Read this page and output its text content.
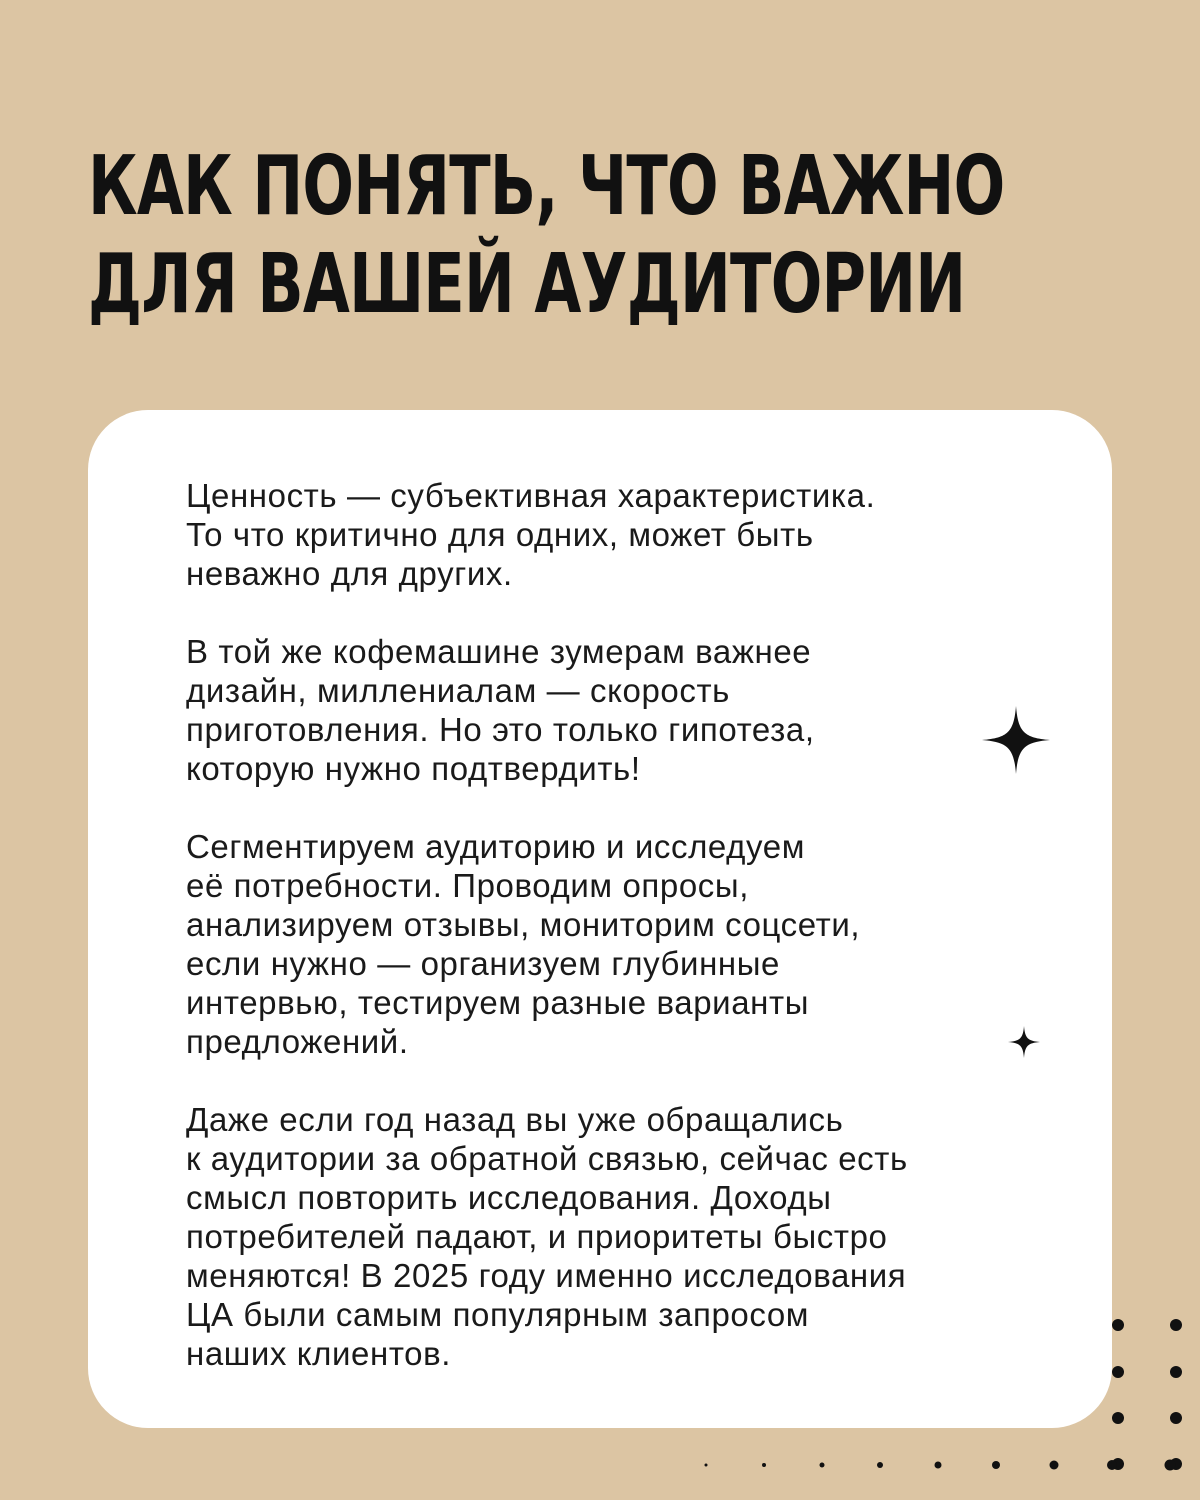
КАК ПОНЯТЬ, ЧТО ВАЖНО
ДЛЯ ВАШЕЙ АУДИТОРИИ

Ценность — субъективная характеристика.
То что критично для одних, может быть
неважно для других.

В той же кофемашине зумерам важнее
дизайн, миллениалам — скорость
приготовления. Но это только гипотеза,
которую нужно подтвердить!

Сегментируем аудиторию и исследуем
её потребности. Проводим опросы,
анализируем отзывы, мониторим соцсети,
если нужно — организуем глубинные
интервью, тестируем разные варианты
предложений.

Даже если год назад вы уже обращались
к аудитории за обратной связью, сейчас есть
смысл повторить исследования. Доходы
потребителей падают, и приоритеты быстро
меняются! В 2025 году именно исследования
ЦА были самым популярным запросом
наших клиентов.
